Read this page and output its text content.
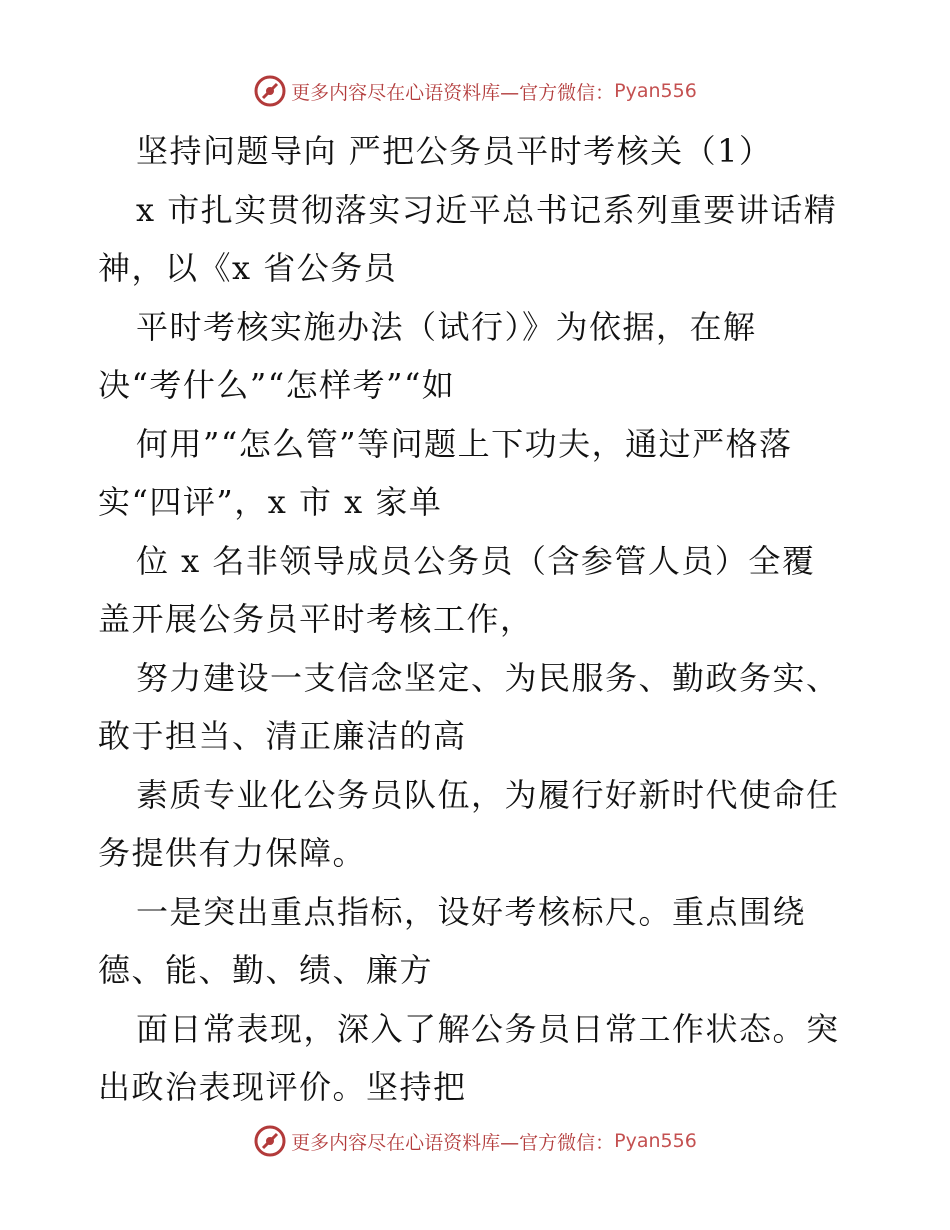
更多内容尽在心语资料库—官方微信： Pyan556
坚持问题导向 严把公务员平时考核关（1）
x 市扎实贯彻落实习近平总书记系列重要讲话精
神，以《x 省公务员
平时考核实施办法（试行）》为依据，在解
决“考什么”“怎样考”“如
何用”“怎么管”等问题上下功夫，通过严格落
实“四评”，x 市 x 家单
位 x 名非领导成员公务员（含参管人员）全覆
盖开展公务员平时考核工作，
努力建设一支信念坚定、为民服务、勤政务实、
敢于担当、清正廉洁的高
素质专业化公务员队伍，为履行好新时代使命任
务提供有力保障。
一是突出重点指标，设好考核标尺。重点围绕
德、能、勤、绩、廉方
面日常表现，深入了解公务员日常工作状态。突
出政治表现评价。坚持把
更多内容尽在心语资料库—官方微信： Pyan556
